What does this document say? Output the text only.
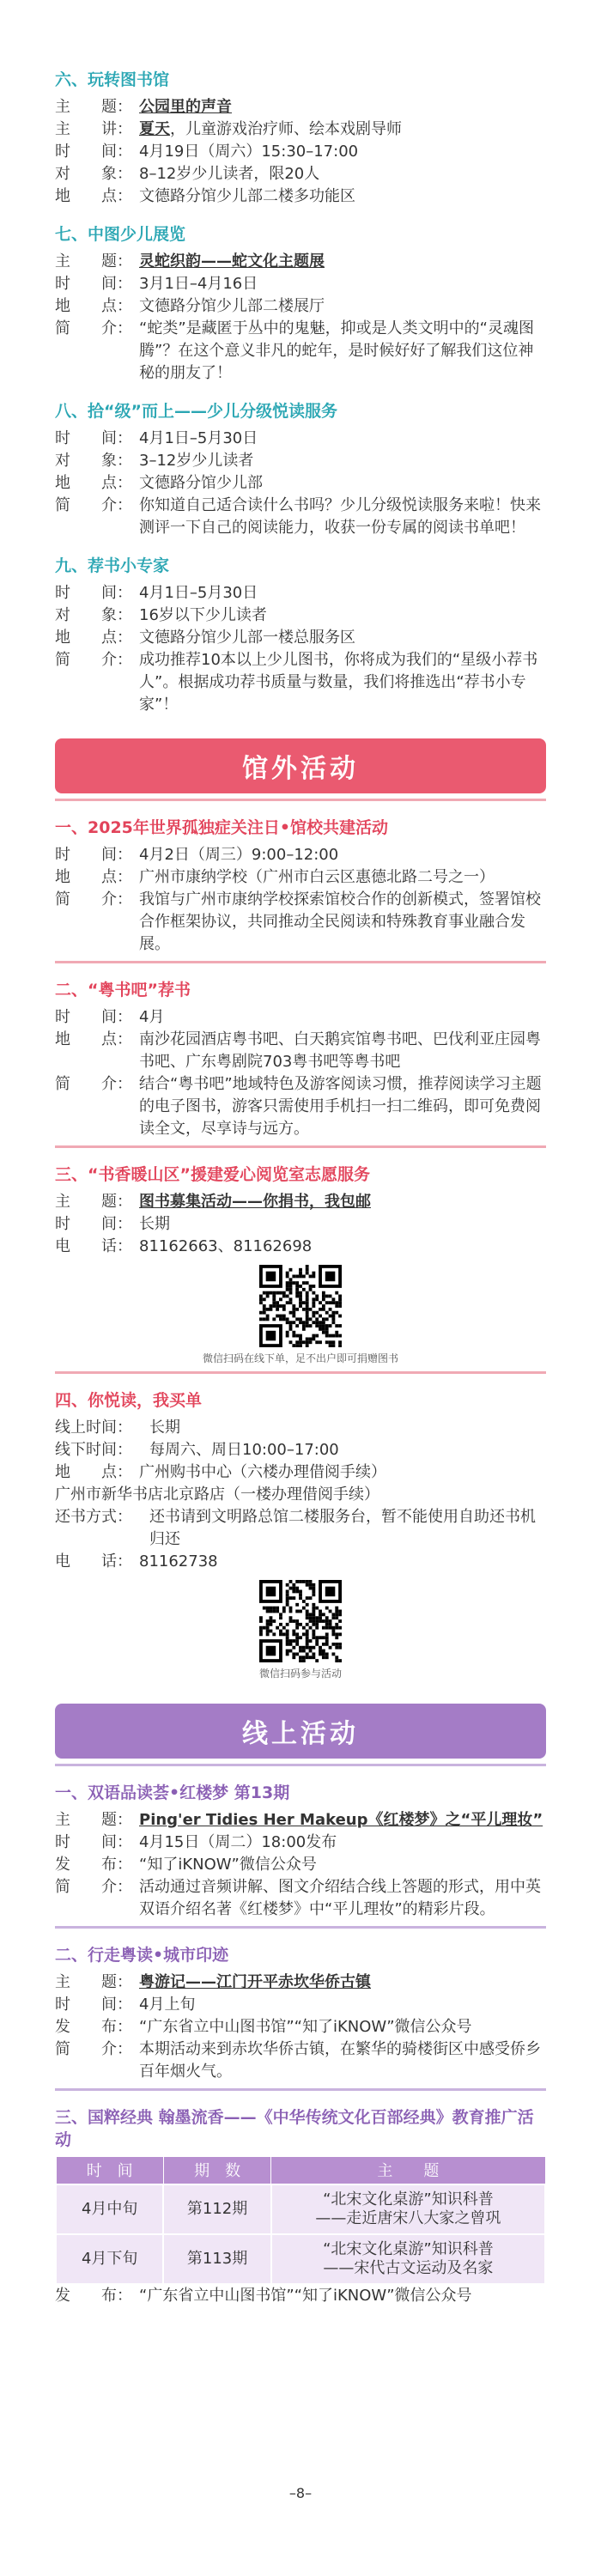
六、玩转图书馆
主　　题： 公园里的声音
主　　讲： 夏天，儿童游戏治疗师、绘本戏剧导师
时　　间： 4月19日（周六）15:30–17:00
对　　象： 8–12岁少儿读者，限20人
地　　点： 文德路分馆少儿部二楼多功能区
七、中图少儿展览
主　　题： 灵蛇织韵——蛇文化主题展
时　　间： 3月1日–4月16日
地　　点： 文德路分馆少儿部二楼展厅
简　　介： “蛇类”是藏匿于丛中的鬼魅，抑或是人类文明中的“灵魂图腾”？在这个意义非凡的蛇年，是时候好好了解我们这位神秘的朋友了！
八、拾“级”而上——少儿分级悦读服务
时　　间： 4月1日–5月30日
对　　象： 3–12岁少儿读者
地　　点： 文德路分馆少儿部
简　　介： 你知道自己适合读什么书吗？少儿分级悦读服务来啦！快来测评一下自己的阅读能力，收获一份专属的阅读书单吧！
九、荐书小专家
时　　间： 4月1日–5月30日
对　　象： 16岁以下少儿读者
地　　点： 文德路分馆少儿部一楼总服务区
简　　介： 成功推荐10本以上少儿图书，你将成为我们的“星级小荐书人”。根据成功荐书质量与数量，我们将推选出“荐书小专家”！
馆外活动
一、2025年世界孤独症关注日•馆校共建活动
时　　间： 4月2日（周三）9:00–12:00
地　　点： 广州市康纳学校（广州市白云区惠德北路二号之一）
简　　介： 我馆与广州市康纳学校探索馆校合作的创新模式，签署馆校合作框架协议，共同推动全民阅读和特殊教育事业融合发展。
二、“粤书吧”荐书
时　　间： 4月
地　　点： 南沙花园酒店粤书吧、白天鹅宾馆粤书吧、巴伐利亚庄园粤书吧、广东粤剧院703粤书吧等粤书吧
简　　介： 结合“粤书吧”地域特色及游客阅读习惯，推荐阅读学习主题的电子图书，游客只需使用手机扫一扫二维码，即可免费阅读全文，尽享诗与远方。
三、“书香暖山区”援建爱心阅览室志愿服务
主　　题： 图书募集活动——你捐书，我包邮
时　　间： 长期
电　　话： 81162663、81162698
微信扫码在线下单，足不出户即可捐赠图书
四、你悦读，我买单
线上时间： 长期
线下时间： 每周六、周日10:00–17:00
地　　点： 广州购书中心（六楼办理借阅手续）
广州市新华书店北京路店（一楼办理借阅手续）
还书方式： 还书请到文明路总馆二楼服务台，暂不能使用自助还书机归还
电　　话： 81162738
微信扫码参与活动
线上活动
一、双语品读荟•红楼梦 第13期
主　　题： Ping'er Tidies Her Makeup《红楼梦》之“平儿理妆”
时　　间： 4月15日（周二）18:00发布
发　　布： “知了iKNOW”微信公众号
简　　介： 活动通过音频讲解、图文介绍结合线上答题的形式，用中英双语介绍名著《红楼梦》中“平儿理妆”的精彩片段。
二、行走粤读•城市印迹
主　　题： 粤游记——江门开平赤坎华侨古镇
时　　间： 4月上旬
发　　布： “广东省立中山图书馆”“知了iKNOW”微信公众号
简　　介： 本期活动来到赤坎华侨古镇，在繁华的骑楼街区中感受侨乡百年烟火气。
三、国粹经典 翰墨流香——《中华传统文化百部经典》教育推广活动
时　间	期　数	主　　题
4月中旬	第112期	“北宋文化桌游”知识科普
——走近唐宋八大家之曾巩
4月下旬	第113期	“北宋文化桌游”知识科普
——宋代古文运动及名家
发　　布： “广东省立中山图书馆”“知了iKNOW”微信公众号
–8–
